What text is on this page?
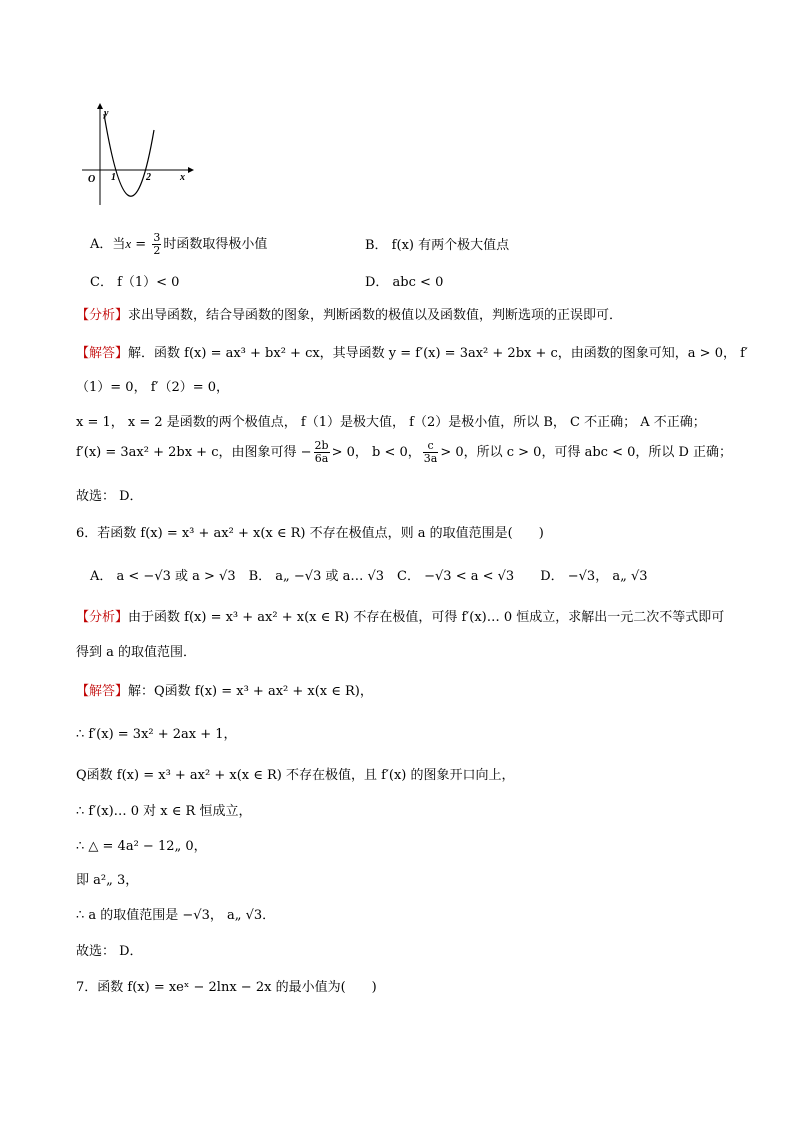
y
x
O 1	2
A．当$x = \frac{3}{2}$ 时函数取得极小值	B． f(x) 有两个极大值点
C． f（1）< 0	D． abc < 0
【分析】求出导函数，结合导函数的图象，判断函数的极值以及函数值，判断选项的正误即可．
【解答】解．函数 f(x) = ax³ + bx² + cx，其导函数 y = f′(x) = 3ax² + 2bx + c，由函数的图象可知，a > 0， f′
（1）= 0， f′（2）= 0，
x = 1， x = 2 是函数的两个极值点， f（1）是极大值， f（2）是极小值，所以 B， C 不正确； A 不正确；
f′(x) = 3ax² + 2bx + c，由图象可得 − $\frac{2b}{6a} > 0$， b < 0， $\frac{c}{3a} > 0$，所以 c > 0，可得 abc < 0，所以 D 正确；
故选： D．
6．若函数 f(x) = x³ + ax² + x(x ∈ R) 不存在极值点，则 a 的取值范围是(　　)
A． a < −√3 或 a > √3　B． a„ −√3 或 a… √3　C． −√3 < a < √3　　D． −√3， a„ √3
【分析】由于函数 f(x) = x³ + ax² + x(x ∈ R) 不存在极值，可得 f′(x)… 0 恒成立，求解出一元二次不等式即可
得到 a 的取值范围．
【解答】解：Q函数 f(x) = x³ + ax² + x(x ∈ R)，
∴ f′(x) = 3x² + 2ax + 1，
Q函数 f(x) = x³ + ax² + x(x ∈ R) 不存在极值，且 f′(x) 的图象开口向上，
∴ f′(x)… 0 对 x ∈ R 恒成立，
∴ △ = 4a² − 12„ 0，
即 a²„ 3，
∴ a 的取值范围是 −√3， a„ √3．
故选： D．
7．函数 f(x) = xeˣ − 2lnx − 2x 的最小值为(　　)
